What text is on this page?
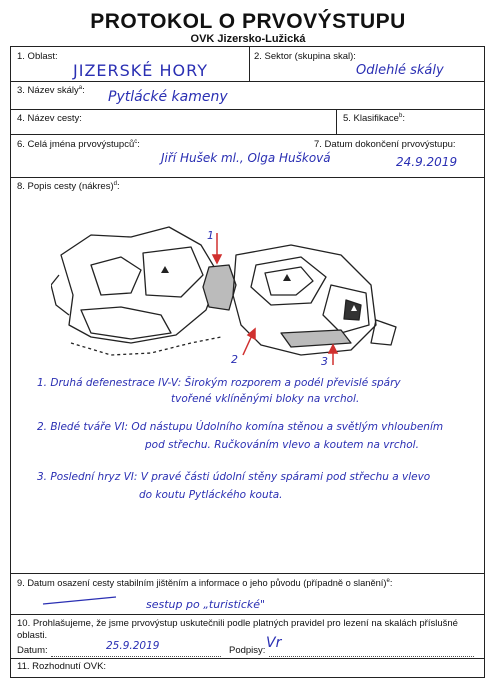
PROTOKOL O PRVOVÝSTUPU
OVK Jizersko-Lužická
1. Oblast:
JIZERSKÉ HORY
2. Sektor (skupina skal):
Odlehlé skály
3. Název skály$^a$: Pytlácké kameny
4. Název cesty:	5. Klasifikace$^b$:
6. Celá jména prvovýstupců$^c$:	7. Datum dokončení prvovýstupu:
Jiří Hušek ml., Olga Hušková	24.9.2019
8. Popis cesty (nákres)$^d$:
1
2	3
1. Druhá defenestrace IV-V: Širokým rozporem a podél převislé spáry
tvořené vklíněnými bloky na vrchol.
2. Bledé tváře VI: Od nástupu Údolního komína stěnou a světlým vhloubením
pod střechu. Ručkováním vlevo a koutem na vrchol.
3. Poslední hryz VI: V pravé části údolní stěny spárami pod střechu a vlevo
do koutu Pytláckého kouta.
9. Datum osazení cesty stabilním jištěním a informace o jeho původu (případně o slanění)$^e$:
sestup po „turistické"
10. Prohlašujeme, že jsme prvovýstup uskutečnili podle platných pravidel pro lezení na skalách příslušné oblasti.
Datum:	25.9.2019	Podpisy: Vr
11. Rozhodnutí OVK:
